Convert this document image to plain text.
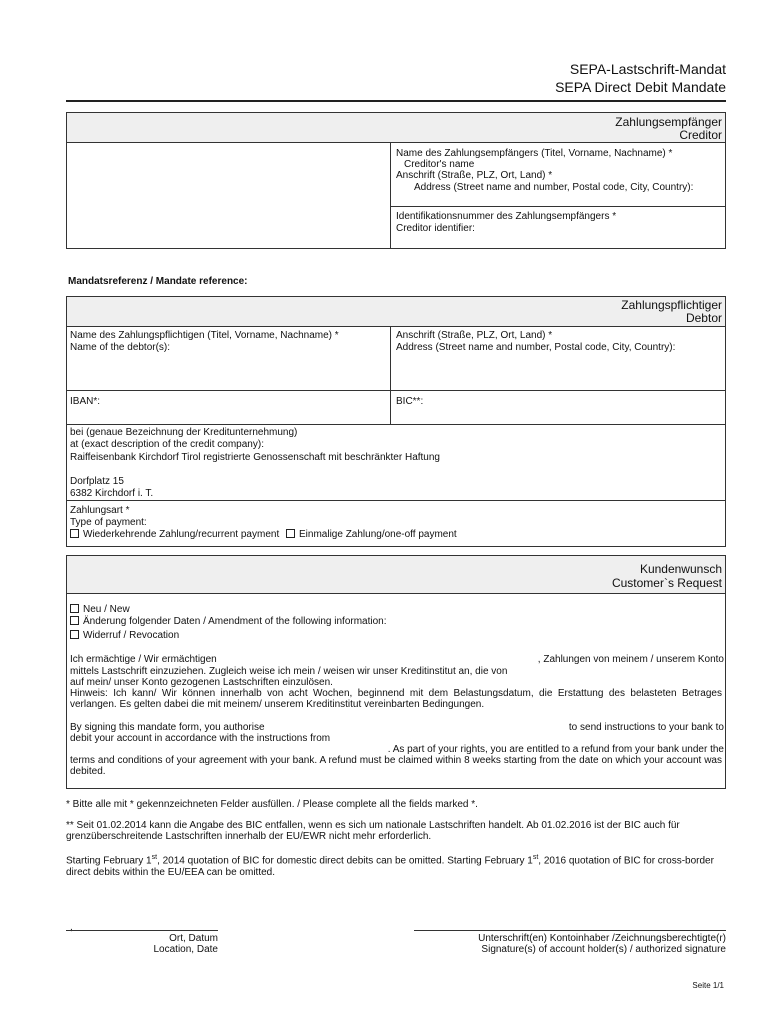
SEPA-Lastschrift-Mandat
SEPA Direct Debit Mandate
Zahlungsempfänger
Creditor
Name des Zahlungsempfängers (Titel, Vorname, Nachname) *
Creditor's name
Anschrift (Straße, PLZ, Ort, Land) *
Address (Street name and number, Postal code, City, Country):
Identifikationsnummer des Zahlungsempfängers *
Creditor identifier:
Mandatsreferenz / Mandate reference:
Zahlungspflichtiger
Debtor
Name des Zahlungspflichtigen (Titel, Vorname, Nachname) *
Name of the debtor(s):
Anschrift (Straße, PLZ, Ort, Land) *
Address (Street name and number, Postal code, City, Country):
IBAN*:	BIC**:
bei (genaue Bezeichnung der Kreditunternehmung)
at (exact description of the credit company):
Raiffeisenbank Kirchdorf Tirol registrierte Genossenschaft mit beschränkter Haftung
Dorfplatz 15
6382 Kirchdorf i. T.
Zahlungsart *
Type of payment:
Wiederkehrende Zahlung/recurrent payment Einmalige Zahlung/one-off payment
Kundenwunsch
Customer`s Request
Neu / New
Änderung folgender Daten / Amendment of the following information:
Widerruf / Revocation
Ich ermächtige / Wir ermächtigen	, Zahlungen von meinem / unserem Konto
mittels Lastschrift einzuziehen. Zugleich weise ich mein / weisen wir unser Kreditinstitut an, die von
auf mein/ unser Konto gezogenen Lastschriften einzulösen.
Hinweis: Ich kann/ Wir können innerhalb von acht Wochen, beginnend mit dem Belastungsdatum, die Erstattung des belasteten Betrages verlangen. Es gelten dabei die mit meinem/ unserem Kreditinstitut vereinbarten Bedingungen.
By signing this mandate form, you authorise	to send instructions to your bank to
debit your account in accordance with the instructions from
. As part of your rights, you are entitled to a refund from your bank under the
terms and conditions of your agreement with your bank. A refund must be claimed within 8 weeks starting from the date on which your account was debited.
* Bitte alle mit * gekennzeichneten Felder ausfüllen. / Please complete all the fields marked *.
** Seit 01.02.2014 kann die Angabe des BIC entfallen, wenn es sich um nationale Lastschriften handelt. Ab 01.02.2016 ist der BIC auch für grenzüberschreitende Lastschriften innerhalb der EU/EWR nicht mehr erforderlich.
Starting February 1st, 2014 quotation of BIC for domestic direct debits can be omitted. Starting February 1st, 2016 quotation of BIC for cross-border direct debits within the EU/EEA can be omitted.
,
Ort, Datum
Location, Date
Unterschrift(en) Kontoinhaber /Zeichnungsberechtigte(r)
Signature(s) of account holder(s) / authorized signature
Seite 1/1
